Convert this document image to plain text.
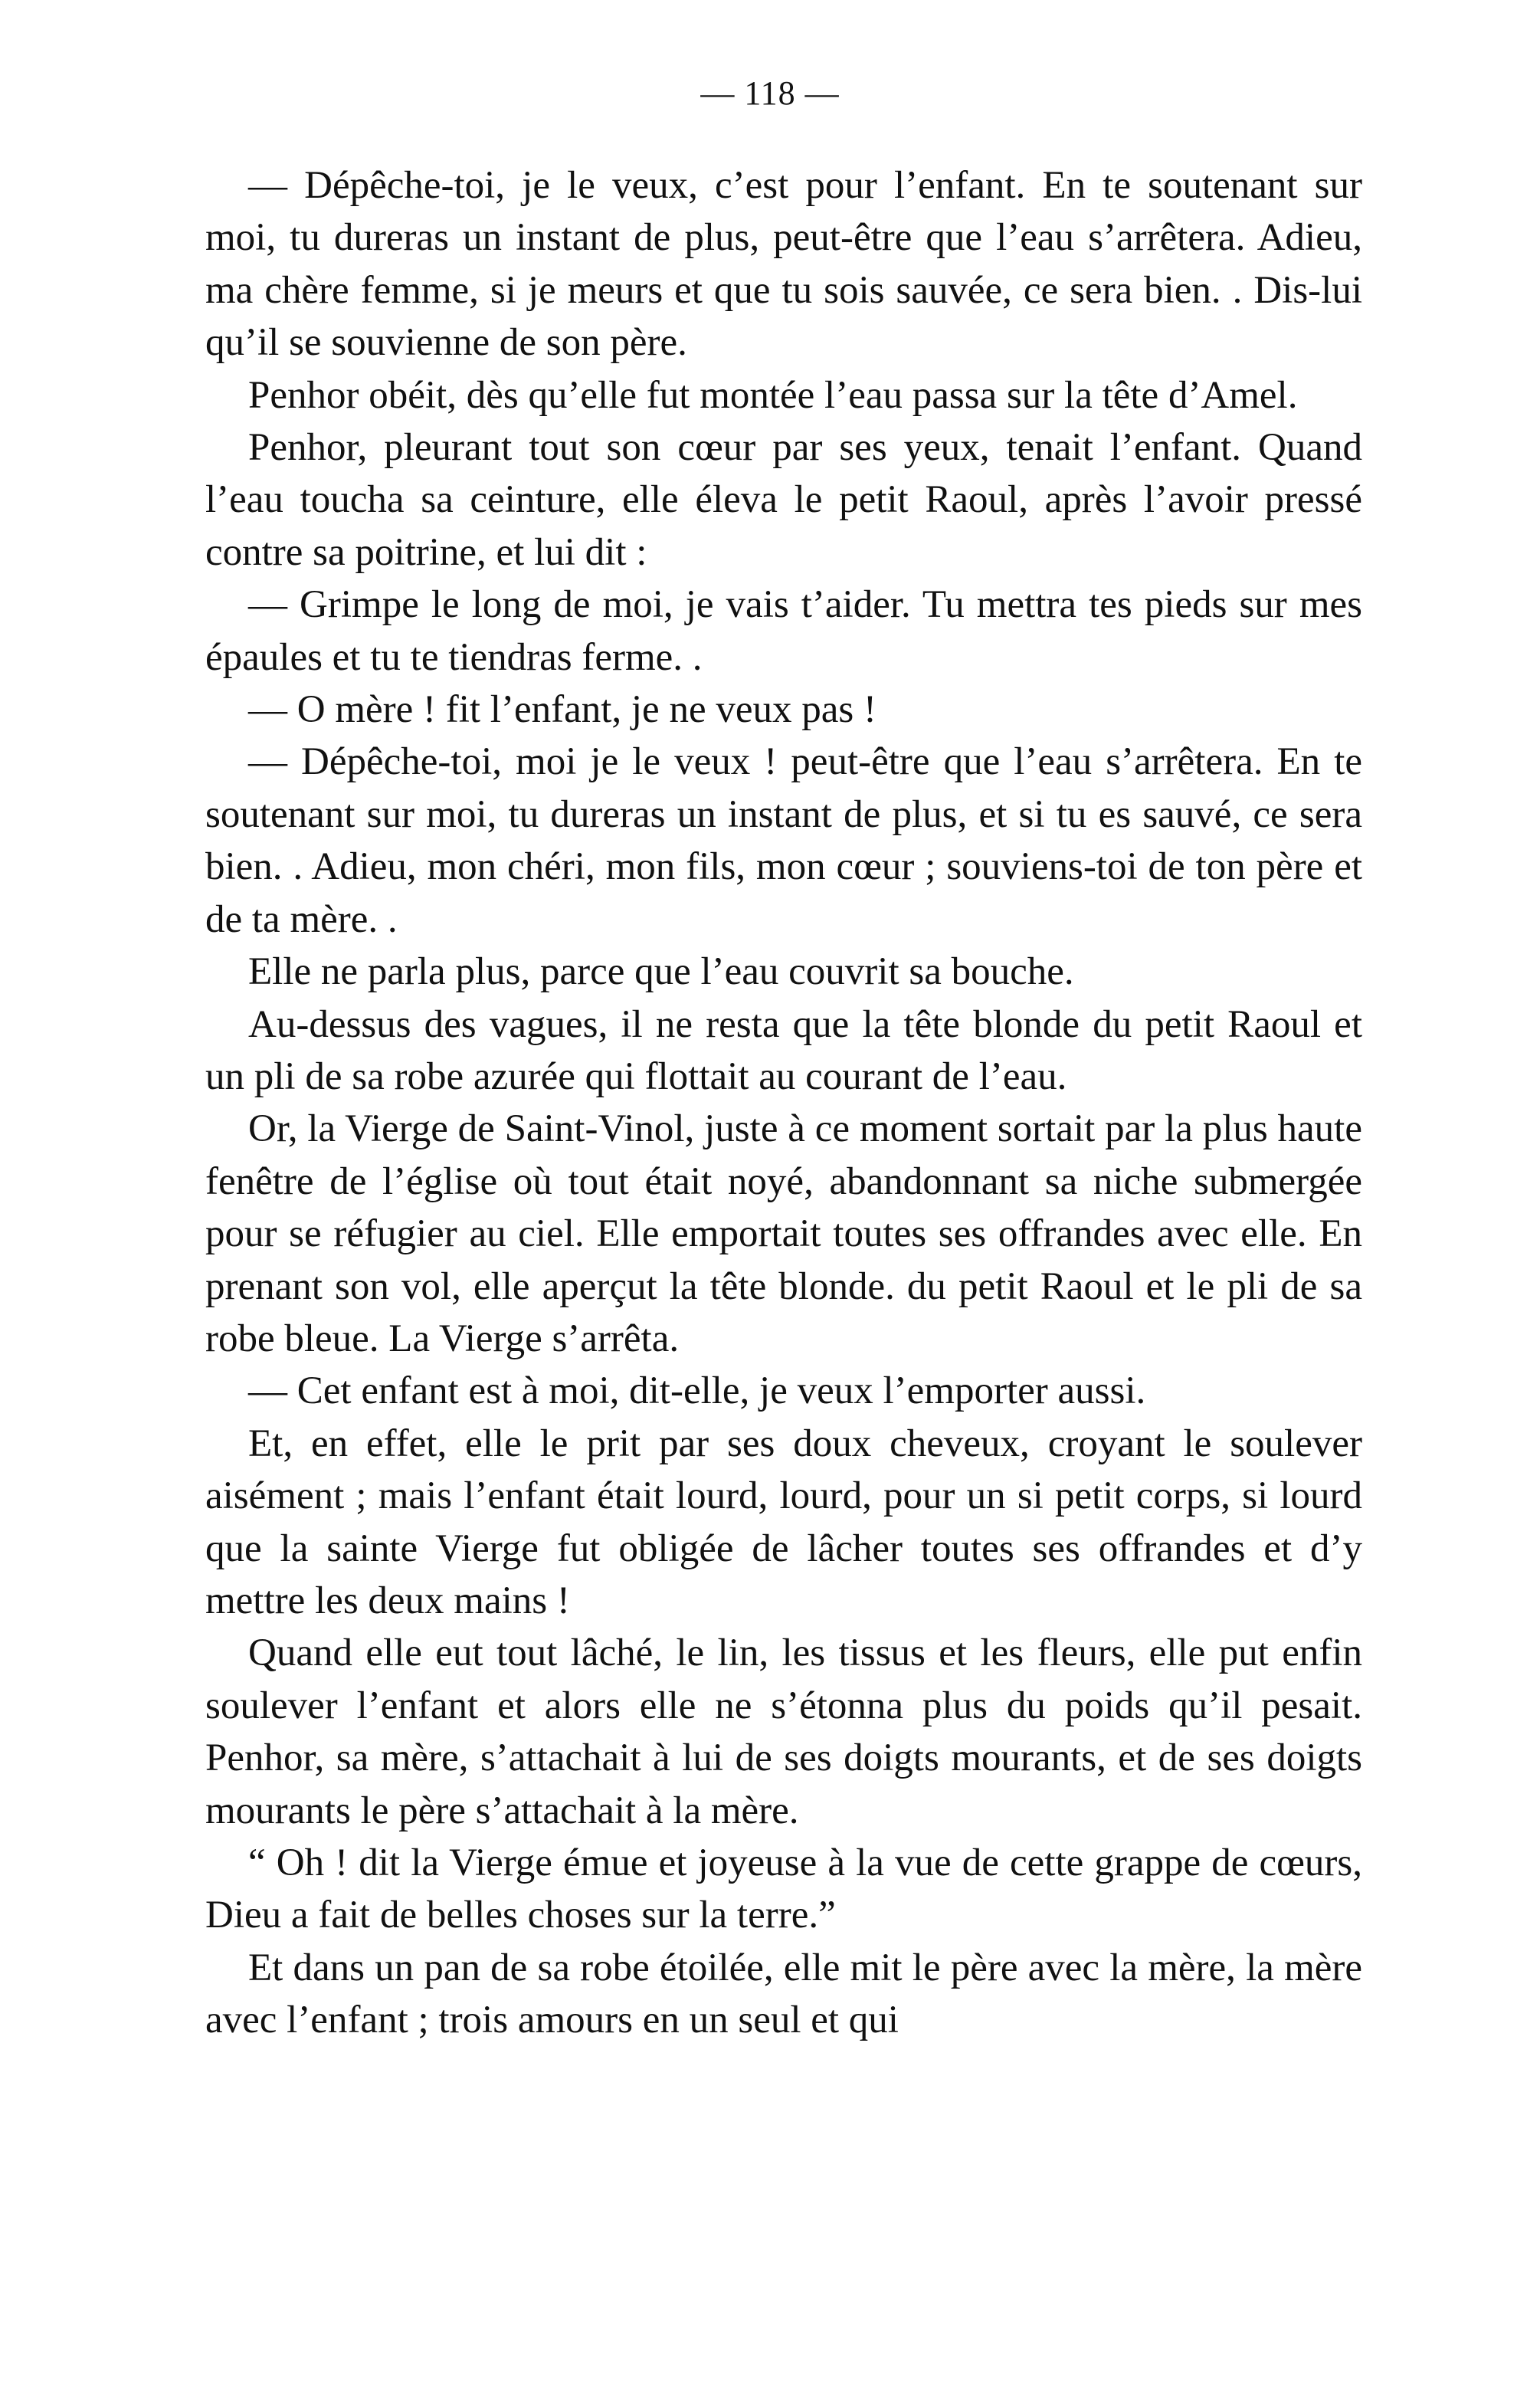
— 118 —

— Dépêche-toi, je le veux, c’est pour l’enfant. En te soutenant sur moi, tu dureras un instant de plus, peut-être que l’eau s’arrêtera. Adieu, ma chère femme, si je meurs et que tu sois sauvée, ce sera bien. . Dis-lui qu’il se souvienne de son père.

Penhor obéit, dès qu’elle fut montée l’eau passa sur la tête d’Amel.

Penhor, pleurant tout son cœur par ses yeux, tenait l’enfant. Quand l’eau toucha sa ceinture, elle éleva le petit Raoul, après l’avoir pressé contre sa poitrine, et lui dit :

— Grimpe le long de moi, je vais t’aider. Tu mettra tes pieds sur mes épaules et tu te tiendras ferme. .

— O mère ! fit l’enfant, je ne veux pas !

— Dépêche-toi, moi je le veux ! peut-être que l’eau s’arrêtera. En te soutenant sur moi, tu dureras un instant de plus, et si tu es sauvé, ce sera bien. . Adieu, mon chéri, mon fils, mon cœur ; souviens-toi de ton père et de ta mère. .

Elle ne parla plus, parce que l’eau couvrit sa bouche.

Au-dessus des vagues, il ne resta que la tête blonde du petit Raoul et un pli de sa robe azurée qui flottait au courant de l’eau.

Or, la Vierge de Saint-Vinol, juste à ce moment sortait par la plus haute fenêtre de l’église où tout était noyé, abandonnant sa niche submergée pour se réfugier au ciel. Elle emportait toutes ses offrandes avec elle. En prenant son vol, elle aperçut la tête blonde. du petit Raoul et le pli de sa robe bleue. La Vierge s’arrêta.

— Cet enfant est à moi, dit-elle, je veux l’emporter aussi.

Et, en effet, elle le prit par ses doux cheveux, croyant le soulever aisément ; mais l’enfant était lourd, lourd, pour un si petit corps, si lourd que la sainte Vierge fut obligée de lâcher toutes ses offrandes et d’y mettre les deux mains !

Quand elle eut tout lâché, le lin, les tissus et les fleurs, elle put enfin soulever l’enfant et alors elle ne s’étonna plus du poids qu’il pesait. Penhor, sa mère, s’attachait à lui de ses doigts mourants, et de ses doigts mourants le père s’attachait à la mère.

“ Oh ! dit la Vierge émue et joyeuse à la vue de cette grappe de cœurs, Dieu a fait de belles choses sur la terre.”

Et dans un pan de sa robe étoilée, elle mit le père avec la mère, la mère avec l’enfant ; trois amours en un seul et qui
